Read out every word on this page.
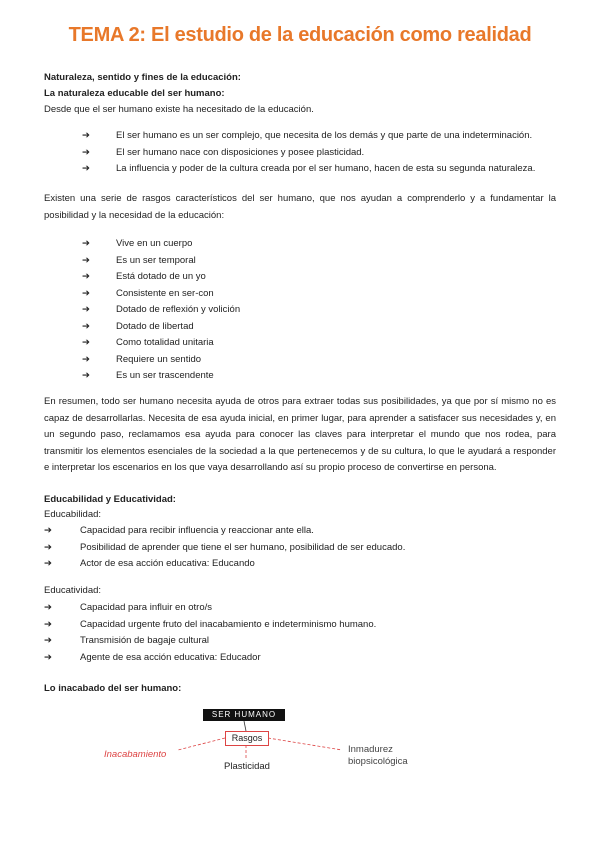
TEMA 2: El estudio de la educación como realidad
Naturaleza, sentido y fines de la educación:
La naturaleza educable del ser humano:
Desde que el ser humano existe ha necesitado de la educación.
➔	El ser humano es un ser complejo, que necesita de los demás y que parte de una indeterminación.
➔	El ser humano nace con disposiciones y posee plasticidad.
➔	La influencia y poder de la cultura creada por el ser humano, hacen de esta su segunda naturaleza.
Existen una serie de rasgos característicos del ser humano, que nos ayudan a comprenderlo y a fundamentar la posibilidad y la necesidad de la educación:
➔	Vive en un cuerpo
➔	Es un ser temporal
➔	Está dotado de un yo
➔	Consistente en ser-con
➔	Dotado de reflexión y volición
➔	Dotado de libertad
➔	Como totalidad unitaria
➔	Requiere un sentido
➔	Es un ser trascendente
En resumen, todo ser humano necesita ayuda de otros para extraer todas sus posibilidades, ya que por sí mismo no es capaz de desarrollarlas. Necesita de esa ayuda inicial, en primer lugar, para aprender a satisfacer sus necesidades y, en un segundo paso, reclamamos esa ayuda para conocer las claves para interpretar el mundo que nos rodea, para transmitir los elementos esenciales de la sociedad a la que pertenecemos y de su cultura, lo que le ayudará a responder e interpretar los escenarios en los que vaya desarrollando así su propio proceso de convertirse en persona.
Educabilidad y Educatividad:
Educabilidad:
➔	Capacidad para recibir influencia y reaccionar ante ella.
➔	Posibilidad de aprender que tiene el ser humano, posibilidad de ser educado.
➔	Actor de esa acción educativa: Educando
Educatividad:
➔	Capacidad para influir en otro/s
➔	Capacidad urgente fruto del inacabamiento e indeterminismo humano.
➔	Transmisión de bagaje cultural
➔	Agente de esa acción educativa: Educador
Lo inacabado del ser humano:
SER HUMANO
Rasgos
Inacabamiento
Plasticidad
Inmadurez
biopsicológica
